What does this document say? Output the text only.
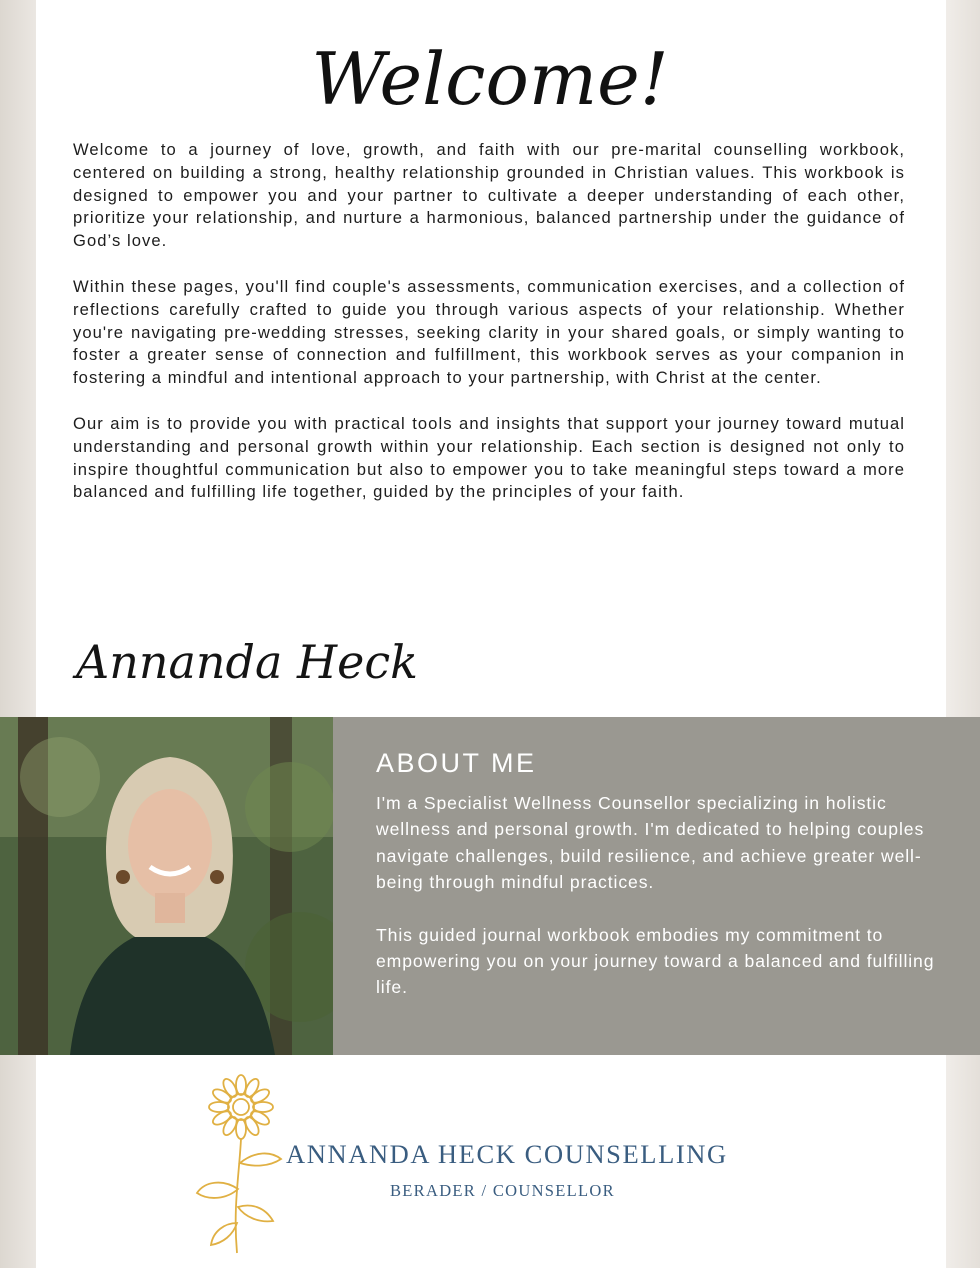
Welcome!

Welcome to a journey of love, growth, and faith with our pre-marital counselling workbook, centered on building a strong, healthy relationship grounded in Christian values. This workbook is designed to empower you and your partner to cultivate a deeper understanding of each other, prioritize your relationship, and nurture a harmonious, balanced partnership under the guidance of God’s love.

Within these pages, you'll find couple's assessments, communication exercises, and a collection of reflections carefully crafted to guide you through various aspects of your relationship. Whether you're navigating pre-wedding stresses, seeking clarity in your shared goals, or simply wanting to foster a greater sense of connection and fulfillment, this workbook serves as your companion in fostering a mindful and intentional approach to your partnership, with Christ at the center.

Our aim is to provide you with practical tools and insights that support your journey toward mutual understanding and personal growth within your relationship. Each section is designed not only to inspire thoughtful communication but also to empower you to take meaningful steps toward a more balanced and fulfilling life together, guided by the principles of your faith.

Annanda Heck
ABOUT ME

I'm a Specialist Wellness Counsellor specializing in holistic wellness and personal growth. I'm dedicated to helping couples navigate challenges, build resilience, and achieve greater well-being through mindful practices.

This guided journal workbook embodies my commitment to empowering you on your journey toward a balanced and fulfilling life.

ANNANDA HECK COUNSELLING
BERADER / COUNSELLOR
